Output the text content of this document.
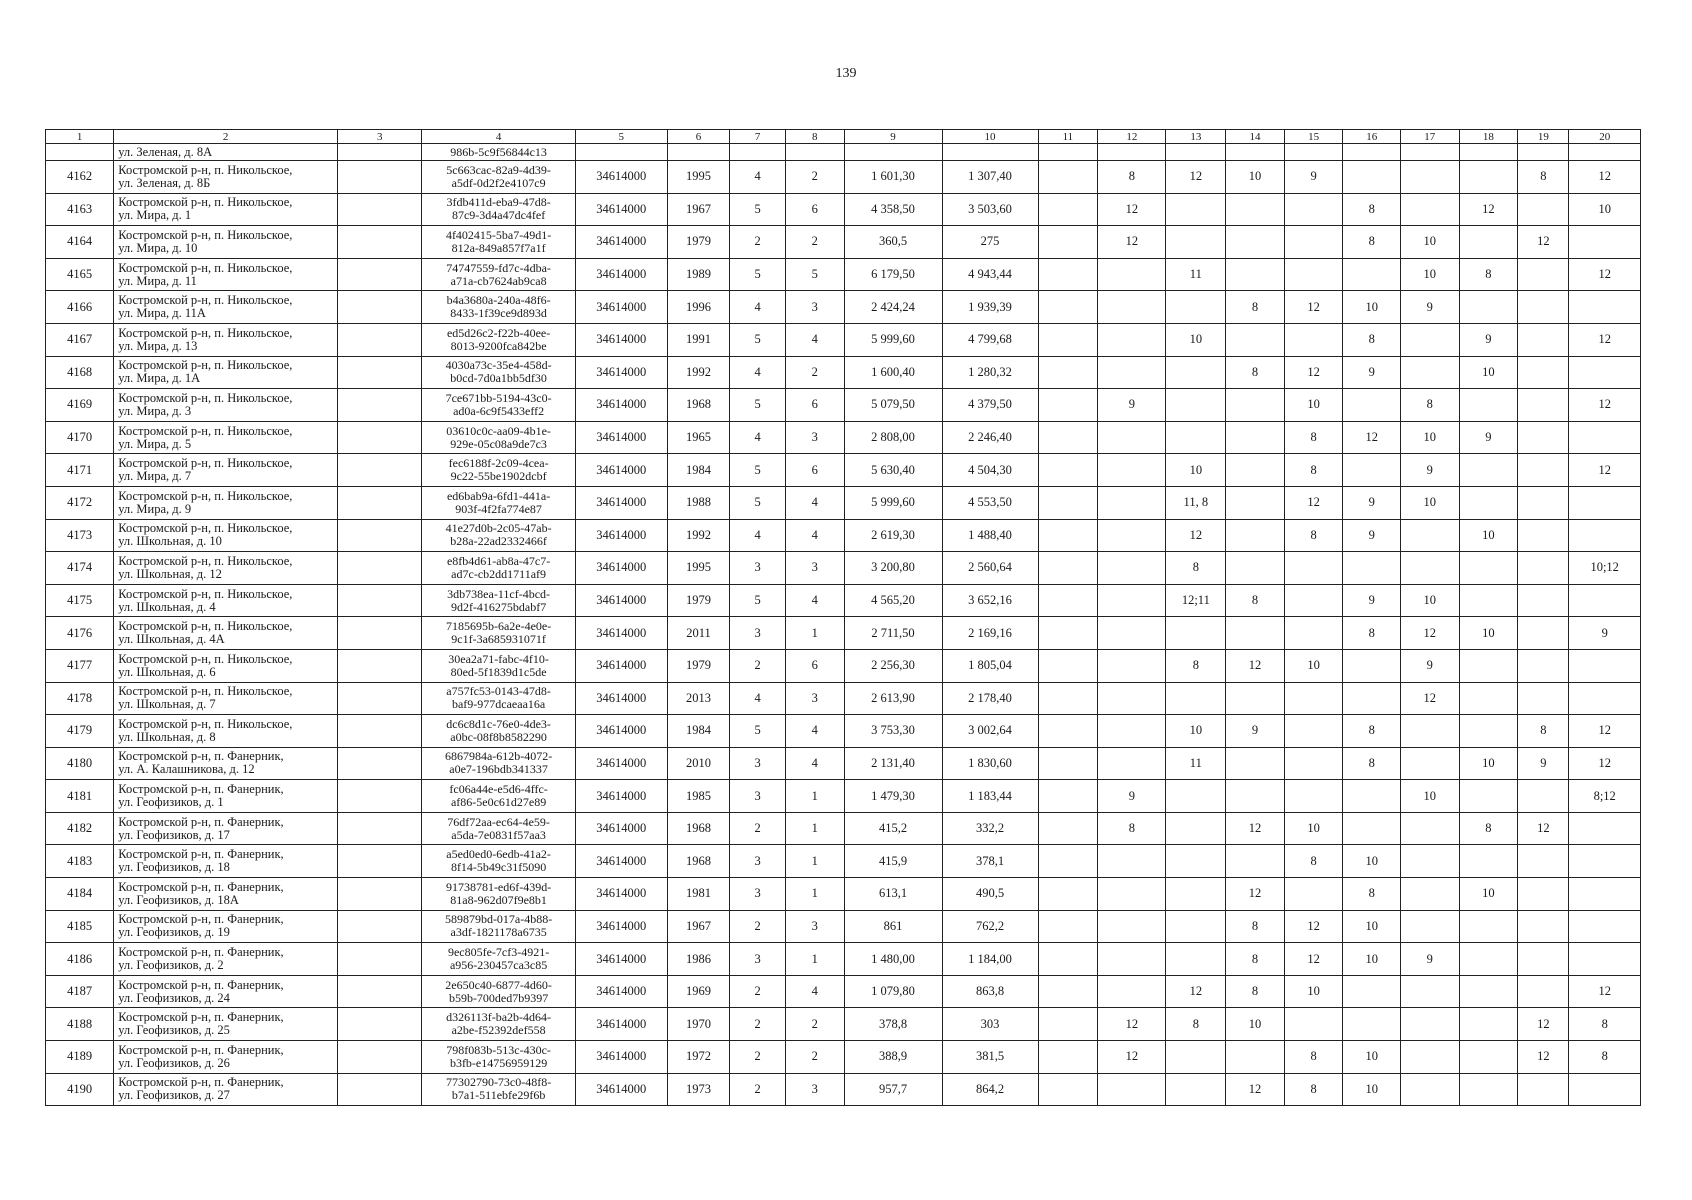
139
1	2	3	4	5	6	7	8	9	10	11	12	13	14	15	16	17	18	19	20
	ул. Зеленая, д. 8А		986b-5c9f56844c13																
4162	Костромской р-н, п. Никольское,
ул. Зеленая, д. 8Б		5c663cac-82a9-4d39-
a5df-0d2f2e4107c9	34614000	1995	4	2	1 601,30	1 307,40		8	12	10	9				8	12
4163	Костромской р-н, п. Никольское,
ул. Мира, д. 1		3fdb411d-eba9-47d8-
87c9-3d4a47dc4fef	34614000	1967	5	6	4 358,50	3 503,60		12				8		12		10
4164	Костромской р-н, п. Никольское,
ул. Мира, д. 10		4f402415-5ba7-49d1-
812a-849a857f7a1f	34614000	1979	2	2	360,5	275		12				8	10		12	
4165	Костромской р-н, п. Никольское,
ул. Мира, д. 11		74747559-fd7c-4dba-
a71a-cb7624ab9ca8	34614000	1989	5	5	6 179,50	4 943,44			11				10	8		12
4166	Костромской р-н, п. Никольское,
ул. Мира, д. 11А		b4a3680a-240a-48f6-
8433-1f39ce9d893d	34614000	1996	4	3	2 424,24	1 939,39				8	12	10	9			
4167	Костромской р-н, п. Никольское,
ул. Мира, д. 13		ed5d26c2-f22b-40ee-
8013-9200fca842be	34614000	1991	5	4	5 999,60	4 799,68			10			8		9		12
4168	Костромской р-н, п. Никольское,
ул. Мира, д. 1А		4030a73c-35e4-458d-
b0cd-7d0a1bb5df30	34614000	1992	4	2	1 600,40	1 280,32				8	12	9		10		
4169	Костромской р-н, п. Никольское,
ул. Мира, д. 3		7ce671bb-5194-43c0-
ad0a-6c9f5433eff2	34614000	1968	5	6	5 079,50	4 379,50		9			10		8			12
4170	Костромской р-н, п. Никольское,
ул. Мира, д. 5		03610c0c-aa09-4b1e-
929e-05c08a9de7c3	34614000	1965	4	3	2 808,00	2 246,40					8	12	10	9		
4171	Костромской р-н, п. Никольское,
ул. Мира, д. 7		fec6188f-2c09-4cea-
9c22-55be1902dcbf	34614000	1984	5	6	5 630,40	4 504,30			10		8		9			12
4172	Костромской р-н, п. Никольское,
ул. Мира, д. 9		ed6bab9a-6fd1-441a-
903f-4f2fa774e87	34614000	1988	5	4	5 999,60	4 553,50			11, 8		12	9	10			
4173	Костромской р-н, п. Никольское,
ул. Школьная, д. 10		41e27d0b-2c05-47ab-
b28a-22ad2332466f	34614000	1992	4	4	2 619,30	1 488,40			12		8	9		10		
4174	Костромской р-н, п. Никольское,
ул. Школьная, д. 12		e8fb4d61-ab8a-47c7-
ad7c-cb2dd1711af9	34614000	1995	3	3	3 200,80	2 560,64			8							10;12
4175	Костромской р-н, п. Никольское,
ул. Школьная, д. 4		3db738ea-11cf-4bcd-
9d2f-416275bdabf7	34614000	1979	5	4	4 565,20	3 652,16			12;11	8		9	10			
4176	Костромской р-н, п. Никольское,
ул. Школьная, д. 4А		7185695b-6a2e-4e0e-
9c1f-3a685931071f	34614000	2011	3	1	2 711,50	2 169,16						8	12	10		9
4177	Костромской р-н, п. Никольское,
ул. Школьная, д. 6		30ea2a71-fabc-4f10-
80ed-5f1839d1c5de	34614000	1979	2	6	2 256,30	1 805,04			8	12	10		9			
4178	Костромской р-н, п. Никольское,
ул. Школьная, д. 7		a757fc53-0143-47d8-
baf9-977dcaeaa16a	34614000	2013	4	3	2 613,90	2 178,40							12			
4179	Костромской р-н, п. Никольское,
ул. Школьная, д. 8		dc6c8d1c-76e0-4de3-
a0bc-08f8b8582290	34614000	1984	5	4	3 753,30	3 002,64			10	9		8			8	12
4180	Костромской р-н, п. Фанерник,
ул. А. Калашникова, д. 12		6867984a-612b-4072-
a0e7-196bdb341337	34614000	2010	3	4	2 131,40	1 830,60			11			8		10	9	12
4181	Костромской р-н, п. Фанерник,
ул. Геофизиков, д. 1		fc06a44e-e5d6-4ffc-
af86-5e0c61d27e89	34614000	1985	3	1	1 479,30	1 183,44		9					10			8;12
4182	Костромской р-н, п. Фанерник,
ул. Геофизиков, д. 17		76df72aa-ec64-4e59-
a5da-7e0831f57aa3	34614000	1968	2	1	415,2	332,2		8		12	10			8	12	
4183	Костромской р-н, п. Фанерник,
ул. Геофизиков, д. 18		a5ed0ed0-6edb-41a2-
8f14-5b49c31f5090	34614000	1968	3	1	415,9	378,1					8	10				
4184	Костромской р-н, п. Фанерник,
ул. Геофизиков, д. 18А		91738781-ed6f-439d-
81a8-962d07f9e8b1	34614000	1981	3	1	613,1	490,5				12		8		10		
4185	Костромской р-н, п. Фанерник,
ул. Геофизиков, д. 19		589879bd-017a-4b88-
a3df-1821178a6735	34614000	1967	2	3	861	762,2				8	12	10				
4186	Костромской р-н, п. Фанерник,
ул. Геофизиков, д. 2		9ec805fe-7cf3-4921-
a956-230457ca3c85	34614000	1986	3	1	1 480,00	1 184,00				8	12	10	9			
4187	Костромской р-н, п. Фанерник,
ул. Геофизиков, д. 24		2e650c40-6877-4d60-
b59b-700ded7b9397	34614000	1969	2	4	1 079,80	863,8			12	8	10					12
4188	Костромской р-н, п. Фанерник,
ул. Геофизиков, д. 25		d326113f-ba2b-4d64-
a2be-f52392def558	34614000	1970	2	2	378,8	303		12	8	10					12	8
4189	Костромской р-н, п. Фанерник,
ул. Геофизиков, д. 26		798f083b-513c-430c-
b3fb-e14756959129	34614000	1972	2	2	388,9	381,5		12			8	10			12	8
4190	Костромской р-н, п. Фанерник,
ул. Геофизиков, д. 27		77302790-73c0-48f8-
b7a1-511ebfe29f6b	34614000	1973	2	3	957,7	864,2				12	8	10				
